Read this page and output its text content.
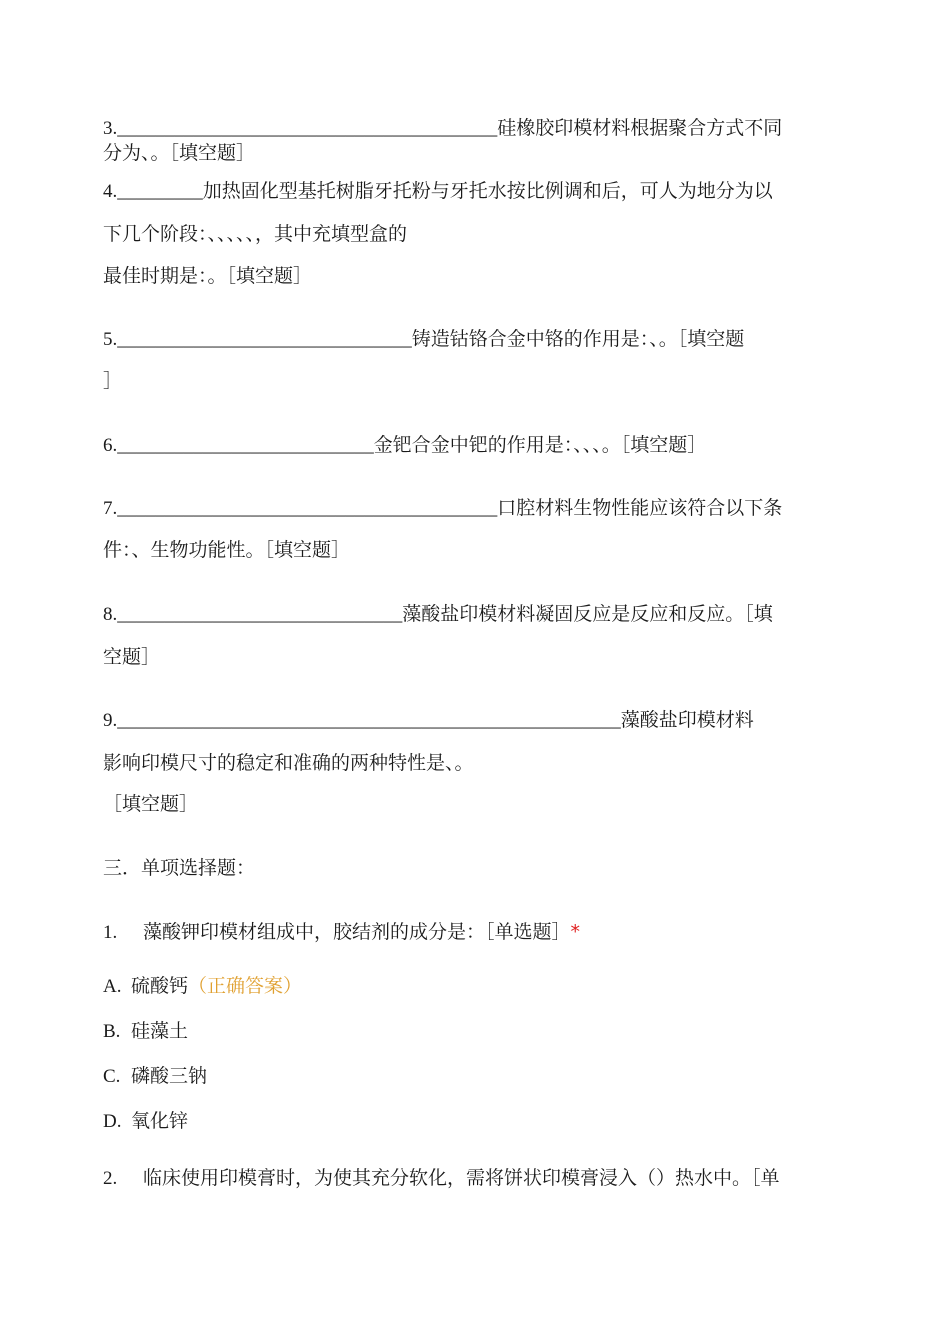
3.________________________________________硅橡胶印模材料根据聚合方式不同
分为、。［填空题］
4._________加热固化型基托树脂牙托粉与牙托水按比例调和后，可人为地分为以
下几个阶段：、、、、、，其中充填型盒的
最佳时期是：。［填空题］
5._______________________________铸造钴铬合金中铬的作用是：、。［填空题
］
6.___________________________金钯合金中钯的作用是：、、、。［填空题］
7.________________________________________口腔材料生物性能应该符合以下条
件：、生物功能性。［填空题］
8.______________________________藻酸盐印模材料凝固反应是反应和反应。［填
空题］
9._____________________________________________________藻酸盐印模材料
影响印模尺寸的稳定和准确的两种特性是、。
［填空题］
三．单项选择题：
1. 藻酸钾印模材组成中，胶结剂的成分是：［单选题］*
A. 硫酸钙（正确答案）
B. 硅藻土
C. 磷酸三钠
D. 氧化锌
2. 临床使用印模膏时，为使其充分软化，需将饼状印模膏浸入（）热水中。［单
